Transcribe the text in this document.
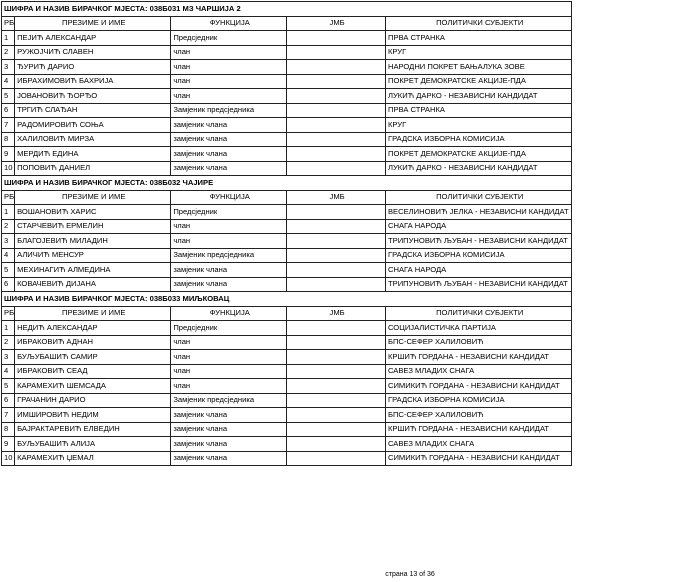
ШИФРА И НАЗИВ БИРАЧКОГ МЈЕСТА: 038Б031 МЗ ЧАРШИЈА 2					
РБ	ПРЕЗИМЕ И ИМЕ	ФУНКЦИЈА	ЈМБ	ПОЛИТИЧКИ СУБЈЕКТИ	
1	ПЕЈИЋ АЛЕКСАНДАР	Предсједник		ПРВА СТРАНКА	
2	РУЖОЈЧИЋ СЛАВЕН	члан		КРУГ	
3	ЂУРИЋ ДАРИО	члан		НАРОДНИ ПОКРЕТ БАЊАЛУКА ЗОВЕ	
4	ИБРАХИМОВИЋ БАХРИЈА	члан		ПОКРЕТ ДЕМОКРАТСКЕ АКЦИЈЕ-ПДА	
5	ЈОВАНОВИЋ ЂОРЂО	члан		ЛУКИЋ ДАРКО - НЕЗАВИСНИ КАНДИДАТ	
6	ТРГИЋ СЛАЂАН	Замјеник предсједника		ПРВА СТРАНКА	
7	РАДОМИРОВИЋ СОЊА	замјеник члана		КРУГ	
8	ХАЛИЛОВИЋ МИРЗА	замјеник члана		ГРАДСКА ИЗБОРНА КОМИСИЈА	
9	МЕРДИЋ ЕДИНА	замјеник члана		ПОКРЕТ ДЕМОКРАТСКЕ АКЦИЈЕ-ПДА	
10	ПОПОВИЋ ДАНИЕЛ	замјеник члана		ЛУКИЋ ДАРКО - НЕЗАВИСНИ КАНДИДАТ	
ШИФРА И НАЗИВ БИРАЧКОГ МЈЕСТА: 038Б032 ЧАЈИРЕ					
РБ	ПРЕЗИМЕ И ИМЕ	ФУНКЦИЈА	ЈМБ	ПОЛИТИЧКИ СУБЈЕКТИ	
1	ВОШАНОВИЋ ХАРИС	Предсједник		ВЕСЕЛИНОВИЋ ЈЕЛКА - НЕЗАВИСНИ КАНДИДАТ	
2	СТАРЧЕВИЋ ЕРМЕЛИН	члан		СНАГА НАРОДА	
3	БЛАГОЈЕВИЋ МИЛАДИН	члан		ТРИПУНОВИЋ ЉУБАН - НЕЗАВИСНИ КАНДИДАТ	
4	АЛИЧИЋ МЕНСУР	Замјеник предсједника		ГРАДСКА ИЗБОРНА КОМИСИЈА	
5	МЕХИНАГИЋ АЛМЕДИНА	замјеник члана		СНАГА НАРОДА	
6	КОВАЧЕВИЋ ДИЈАНА	замјеник члана		ТРИПУНОВИЋ ЉУБАН - НЕЗАВИСНИ КАНДИДАТ	
ШИФРА И НАЗИВ БИРАЧКОГ МЈЕСТА: 038Б033 МИЉКОВАЦ					
РБ	ПРЕЗИМЕ И ИМЕ	ФУНКЦИЈА	ЈМБ	ПОЛИТИЧКИ СУБЈЕКТИ	
1	НЕДИЋ АЛЕКСАНДАР	Предсједник		СОЦИЈАЛИСТИЧКА ПАРТИЈА	
2	ИБРАКОВИЋ АДНАН	члан		БПС-СЕФЕР ХАЛИЛОВИЋ	
3	БУЉУБАШИЋ САМИР	члан		КРШИЋ ГОРДАНА - НЕЗАВИСНИ КАНДИДАТ	
4	ИБРАКОВИЋ СЕАД	члан		САВЕЗ МЛАДИХ СНАГА	
5	КАРАМЕХИЋ ШЕМСАДА	члан		СИМИКИЋ ГОРДАНА - НЕЗАВИСНИ КАНДИДАТ	
6	ГРАЧАНИН ДАРИО	Замјеник предсједника		ГРАДСКА ИЗБОРНА КОМИСИЈА	
7	ИМШИРОВИЋ НЕДИМ	замјеник члана		БПС-СЕФЕР ХАЛИЛОВИЋ	
8	БАЈРАКТАРЕВИЋ ЕЛВЕДИН	замјеник члана		КРШИЋ ГОРДАНА - НЕЗАВИСНИ КАНДИДАТ	
9	БУЉУБАШИЋ АЛИЈА	замјеник члана		САВЕЗ МЛАДИХ СНАГА	
10	КАРАМЕХИЋ ЏЕМАЛ	замјеник члана		СИМИКИЋ ГОРДАНА - НЕЗАВИСНИ КАНДИДАТ	
страна 13 of 36
